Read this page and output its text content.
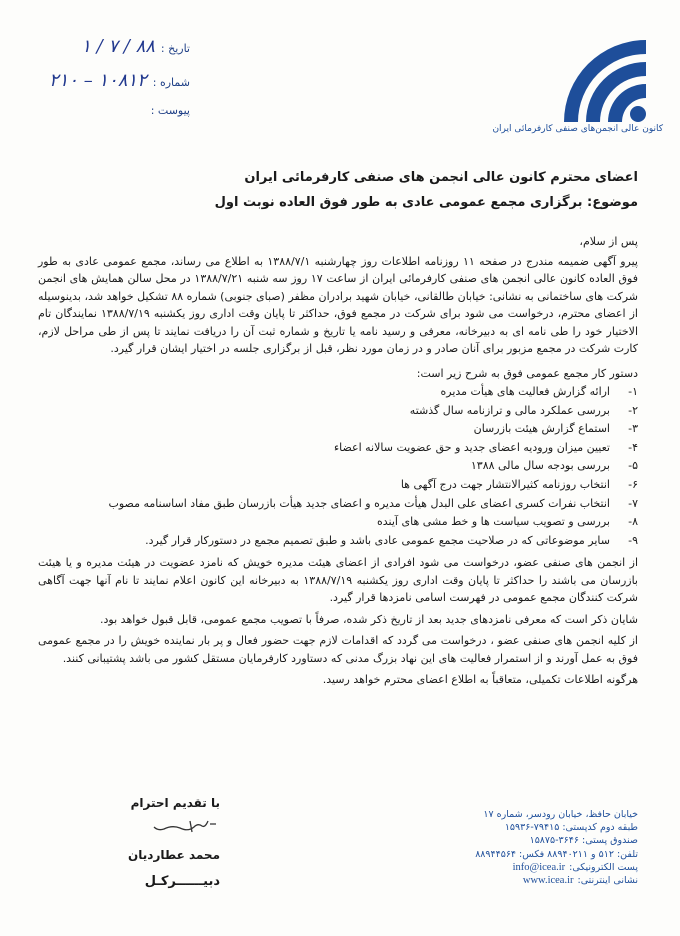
تاریخ :
۱ / ۷ / ۸۸
شماره :
۲۱۰ – ۱۰۸۱۲
پیوست :
کانون عالی انجمن‌های صنفی کارفرمائی ایران
اعضای محترم کانون عالی انجمن های صنفی کارفرمائی ایران
موضوع: برگزاری مجمع عمومی عادی به طور فوق العاده نوبت اول

پس از سلام،

پیرو آگهی ضمیمه مندرج در صفحه ۱۱ روزنامه اطلاعات روز چهارشنبه ۱۳۸۸/۷/۱ به اطلاع می رساند، مجمع عمومی عادی به طور فوق العاده کانون عالی انجمن های صنفی کارفرمائی ایران از ساعت ۱۷ روز سه شنبه ۱۳۸۸/۷/۲۱ در محل سالن همایش های انجمن شرکت های ساختمانی به نشانی: خیابان طالقانی، خیابان شهید برادران مظفر (صبای جنوبی) شماره ۸۸ تشکیل خواهد شد، بدینوسیله از اعضای محترم، درخواست می شود برای شرکت در مجمع فوق، حداکثر تا پایان وقت اداری روز یکشنبه ۱۳۸۸/۷/۱۹ نمایندگان تام الاختیار خود را طی نامه ای به دبیرخانه، معرفی و رسید نامه یا تاریخ و شماره ثبت آن را دریافت نمایند تا پس از طی مراحل لازم، کارت شرکت در مجمع مزبور برای آنان صادر و در زمان مورد نظر، قبل از برگزاری جلسه در اختیار ایشان قرار گیرد.

دستور کار مجمع عمومی فوق به شرح زیر است:

۱-
ارائه گزارش فعالیت های هیأت مدیره
۲-
بررسی عملکرد مالی و ترازنامه سال گذشته
۳-
استماع گزارش هیئت بازرسان
۴-
تعیین میزان ورودیه اعضای جدید و حق عضویت سالانه اعضاء
۵-
بررسی بودجه سال مالی ۱۳۸۸
۶-
انتخاب روزنامه کثیرالانتشار جهت درج آگهی ها
۷-
انتخاب نفرات کسری اعضای علی البدل هیأت مدیره و اعضای جدید هیأت بازرسان طبق مفاد اساسنامه مصوب
۸-
بررسی و تصویب سیاست ها و خط مشی های آینده
۹-
سایر موضوعاتی که در صلاحیت مجمع عمومی عادی باشد و طبق تصمیم مجمع در دستورکار قرار گیرد.

از انجمن های صنفی عضو، درخواست می شود افرادی از اعضای هیئت مدیره خویش که نامزد عضویت در هیئت مدیره و یا هیئت بازرسان می باشند را حداکثر تا پایان وقت اداری روز یکشنبه ۱۳۸۸/۷/۱۹ به دبیرخانه این کانون اعلام نمایند تا نام آنها جهت آگاهی شرکت کنندگان مجمع عمومی در فهرست اسامی نامزدها قرار گیرد.

شایان ذکر است که معرفی نامزدهای جدید بعد از تاریخ ذکر شده، صرفاً با تصویب مجمع عمومی، قابل قبول خواهد بود.

از کلیه انجمن های صنفی عضو ، درخواست می گردد که اقدامات لازم جهت حضور فعال و پر بار نماینده خویش را در مجمع عمومی فوق به عمل آورند و از استمرار فعالیت های این نهاد بزرگ مدنی که دستاورد کارفرمایان مستقل کشور می باشد پشتیبانی کنند.

هرگونه اطلاعات تکمیلی، متعاقباً به اطلاع اعضای محترم خواهد رسید.

با تقدیم احترام
محمد عطاردیان
دبیــــــرکـل
خیابان حافظ، خیابان رودسر، شماره ۱۷
طبقه دوم کدپستی: ۷۹۴۱۵-۱۵۹۳۶
صندوق پستی: ۳۶۴۶-۱۵۸۷۵
تلفن: ۵۱۲ و ۸۸۹۴۰۲۱۱ فکس: ۸۸۹۴۴۵۶۴
پست الکترونیکی:
info@icea.ir
نشانی اینترنتی:
www.icea.ir
